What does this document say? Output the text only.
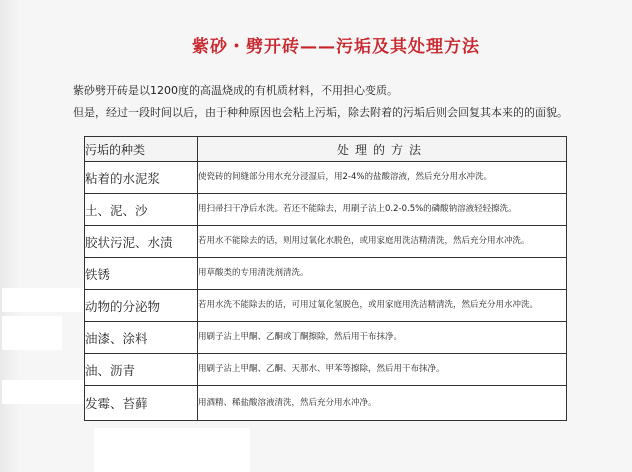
紫砂・劈开砖——污垢及其处理方法
紫砂劈开砖是以1200度的高温烧成的有机质材料，不用担心变质。
但是，经过一段时间以后，由于种种原因也会粘上污垢，除去附着的污垢后则会回复其本来的的面貌。
污垢的种类	处理的方法
粘着的水泥浆	使瓷砖的间缝部分用水充分浸湿后，用2-4%的盐酸溶液，然后充分用水冲洗。
土、泥、沙	用扫帚扫干净后水洗。若还不能除去，用刷子沾上0.2-0.5%的磷酸钠溶液轻轻擦洗。
胶状污泥、水渍	若用水不能除去的话，则用过氧化水脱色，或用家庭用洗洁精清洗，然后充分用水冲洗。
铁锈	用草酸类的专用清洗剂清洗。
动物的分泌物	若用水洗不能除去的话，可用过氧化氢脱色，或用家庭用洗洁精清洗，然后充分用水冲洗。
油漆、涂料	用刷子沾上甲酮、乙酮或丁酮擦除，然后用干布抹净。
油、沥青	用刷子沾上甲酮、乙酮、天那水、甲苯等擦除，然后用干布抹净。
发霉、苔藓	用酒精、稀盐酸溶液清洗，然后充分用水冲净。
